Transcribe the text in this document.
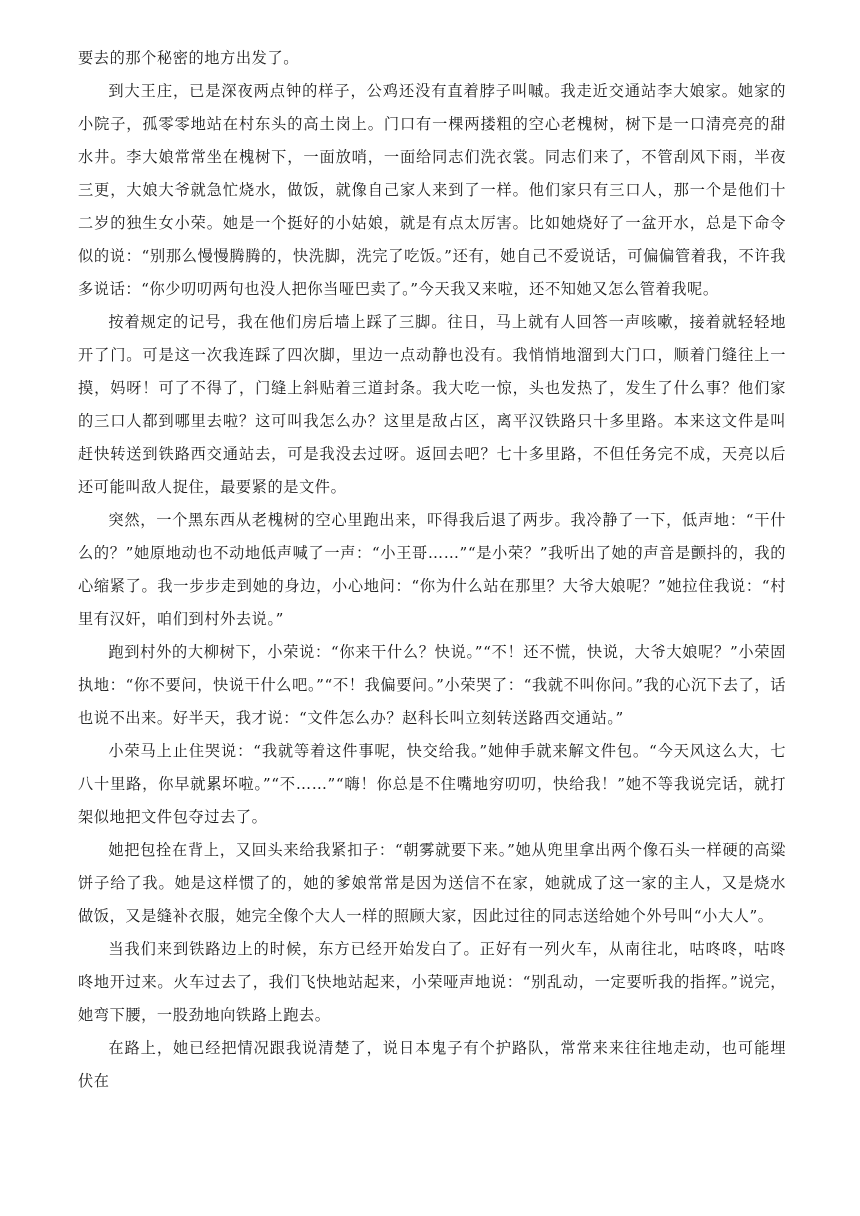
要去的那个秘密的地方出发了。

到大王庄，已是深夜两点钟的样子，公鸡还没有直着脖子叫嘁。我走近交通站李大娘家。她家的小院子，孤零零地站在村东头的高土岗上。门口有一棵两搂粗的空心老槐树，树下是一口清亮亮的甜水井。李大娘常常坐在槐树下，一面放哨，一面给同志们洗衣裳。同志们来了，不管刮风下雨，半夜三更，大娘大爷就急忙烧水，做饭，就像自己家人来到了一样。他们家只有三口人，那一个是他们十二岁的独生女小荣。她是一个挺好的小姑娘，就是有点太厉害。比如她烧好了一盆开水，总是下命令似的说：“别那么慢慢腾腾的，快洗脚，洗完了吃饭。”还有，她自己不爱说话，可偏偏管着我，不许我多说话：“你少叨叨两句也没人把你当哑巴卖了。”今天我又来啦，还不知她又怎么管着我呢。

按着规定的记号，我在他们房后墙上踩了三脚。往日，马上就有人回答一声咳嗽，接着就轻轻地开了门。可是这一次我连踩了四次脚，里边一点动静也没有。我悄悄地溜到大门口，顺着门缝往上一摸，妈呀！可了不得了，门缝上斜贴着三道封条。我大吃一惊，头也发热了，发生了什么事？他们家的三口人都到哪里去啦？这可叫我怎么办？这里是敌占区，离平汉铁路只十多里路。本来这文件是叫赶快转送到铁路西交通站去，可是我没去过呀。返回去吧？七十多里路，不但任务完不成，天亮以后还可能叫敌人捉住，最要紧的是文件。

突然，一个黑东西从老槐树的空心里跑出来，吓得我后退了两步。我冷静了一下，低声地：“干什么的？”她原地动也不动地低声喊了一声：“小王哥……”“是小荣？”我听出了她的声音是颤抖的，我的心缩紧了。我一步步走到她的身边，小心地问：“你为什么站在那里？大爷大娘呢？”她拉住我说：“村里有汉奸，咱们到村外去说。”

跑到村外的大柳树下，小荣说：“你来干什么？快说。”“不！还不慌，快说，大爷大娘呢？”小荣固执地：“你不要问，快说干什么吧。”“不！我偏要问。”小荣哭了：“我就不叫你问。”我的心沉下去了，话也说不出来。好半天，我才说：“文件怎么办？赵科长叫立刻转送路西交通站。”

小荣马上止住哭说：“我就等着这件事呢，快交给我。”她伸手就来解文件包。“今天风这么大，七八十里路，你早就累坏啦。”“不……”“嗨！你总是不住嘴地穷叨叨，快给我！”她不等我说完话，就打架似地把文件包夺过去了。

她把包拴在背上，又回头来给我紧扣子：“朝雾就要下来。”她从兜里拿出两个像石头一样硬的高粱饼子给了我。她是这样惯了的，她的爹娘常常是因为送信不在家，她就成了这一家的主人，又是烧水做饭，又是缝补衣服，她完全像个大人一样的照顾大家，因此过往的同志送给她个外号叫“小大人”。

当我们来到铁路边上的时候，东方已经开始发白了。正好有一列火车，从南往北，咕咚咚，咕咚咚地开过来。火车过去了，我们飞快地站起来，小荣哑声地说：“别乱动，一定要听我的指挥。”说完，她弯下腰，一股劲地向铁路上跑去。

在路上，她已经把情况跟我说清楚了，说日本鬼子有个护路队，常常来来往往地走动，也可能埋伏在
